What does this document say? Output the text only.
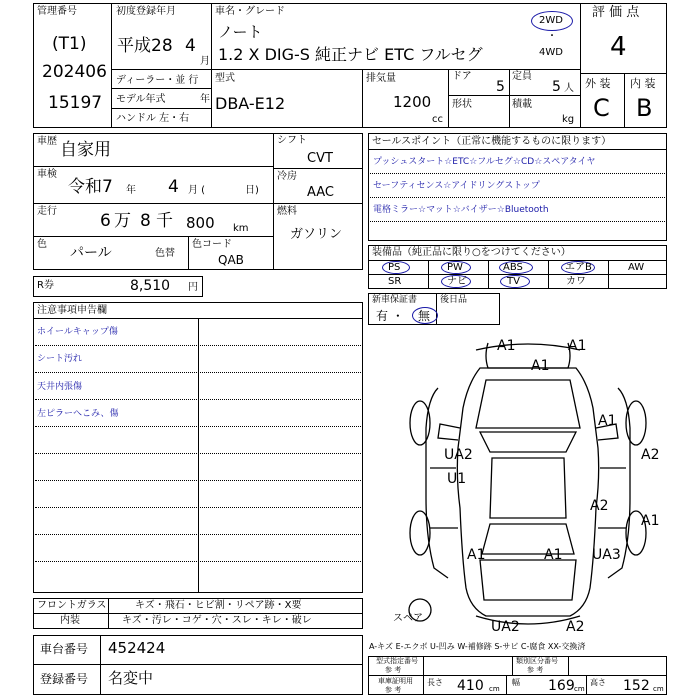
管理番号
(T1)
202406
15197
初度登録年月
平成28 4
月
ディーラー・並 行
モデル年式	年
ハンドル 左・右
車名・グレード
ノート
1.2 X DIG-S 純正ナビ ETC フルセグ
2WD
・
4WD
評 価 点
4
型式
DBA-E12
排気量
1200
cc
ドア
5
定員
5 人
形状	積載
kg
外 装 内 装
C B
車歴 自家用
車検
令和7 年 4 月 (	日)
走行	6 万 8 千 800 km
色
パール	色替
色コード
QAB
シフト
CVT
冷房
AAC
燃料
ガソリン
R券	8,510 円
セールスポイント（正常に機能するものに限ります）
プッシュスタート☆ETC☆フルセグ☆CD☆スペアタイヤ
セーフティセンス☆アイドリングストップ
電格ミラー☆マット☆バイザー☆Bluetooth
装備品（純正品に限り○をつけてください）
PS	PW	ABS	エアB	AW
SR	ナビ	TV	カワ
新車保証書	後日品
有 ・ 無
注意事項申告欄
ホイールキャップ傷
シート汚れ
天井内張傷
左ピラーへこみ、傷
A1	A1
A1
A1
UA2
U1
A2
A2
A1
A1	A1 UA3
UA2	A2
スペア
フロントガラス	キズ・飛石・ヒビ割・リペア跡・X要
内装	キズ・汚レ・コゲ・穴・スレ・キレ・破レ
車台番号 452424
登録番号 名変中
A-キズ E-エクボ U-凹み W-補修跡 S-サビ C-腐食 XX-交換済
型式指定番号
参 考
類別区分番号
参 考
車庫証明用
参 考
長さ 410 cm
幅 169 cm
高さ 152 cm
